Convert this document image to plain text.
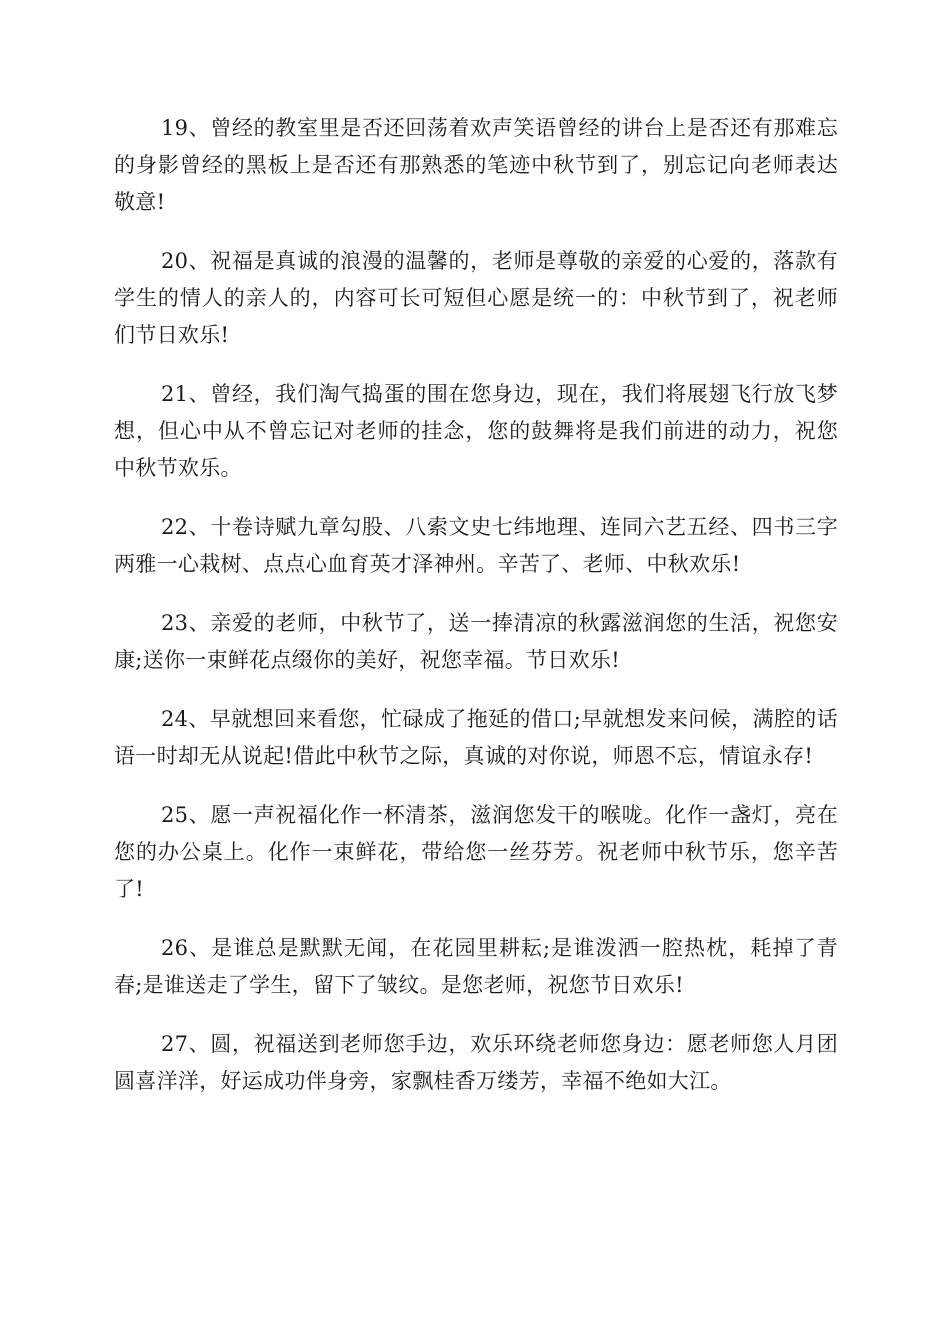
19、曾经的教室里是否还回荡着欢声笑语曾经的讲台上是否还有那难忘的身影曾经的黑板上是否还有那熟悉的笔迹中秋节到了，别忘记向老师表达敬意!

20、祝福是真诚的浪漫的温馨的，老师是尊敬的亲爱的心爱的，落款有学生的情人的亲人的，内容可长可短但心愿是统一的：中秋节到了，祝老师们节日欢乐!

21、曾经，我们淘气捣蛋的围在您身边，现在，我们将展翅飞行放飞梦想，但心中从不曾忘记对老师的挂念，您的鼓舞将是我们前进的动力，祝您中秋节欢乐。

22、十卷诗赋九章勾股、八索文史七纬地理、连同六艺五经、四书三字两雅一心栽树、点点心血育英才泽神州。辛苦了、老师、中秋欢乐!

23、亲爱的老师，中秋节了，送一捧清凉的秋露滋润您的生活，祝您安康;送你一束鲜花点缀你的美好，祝您幸福。节日欢乐!

24、早就想回来看您，忙碌成了拖延的借口;早就想发来问候，满腔的话语一时却无从说起!借此中秋节之际，真诚的对你说，师恩不忘，情谊永存!

25、愿一声祝福化作一杯清茶，滋润您发干的喉咙。化作一盏灯，亮在您的办公桌上。化作一束鲜花，带给您一丝芬芳。祝老师中秋节乐，您辛苦了!

26、是谁总是默默无闻，在花园里耕耘;是谁泼洒一腔热枕，耗掉了青春;是谁送走了学生，留下了皱纹。是您老师，祝您节日欢乐!

27、圆，祝福送到老师您手边，欢乐环绕老师您身边：愿老师您人月团圆喜洋洋，好运成功伴身旁，家飘桂香万缕芳，幸福不绝如大江。
